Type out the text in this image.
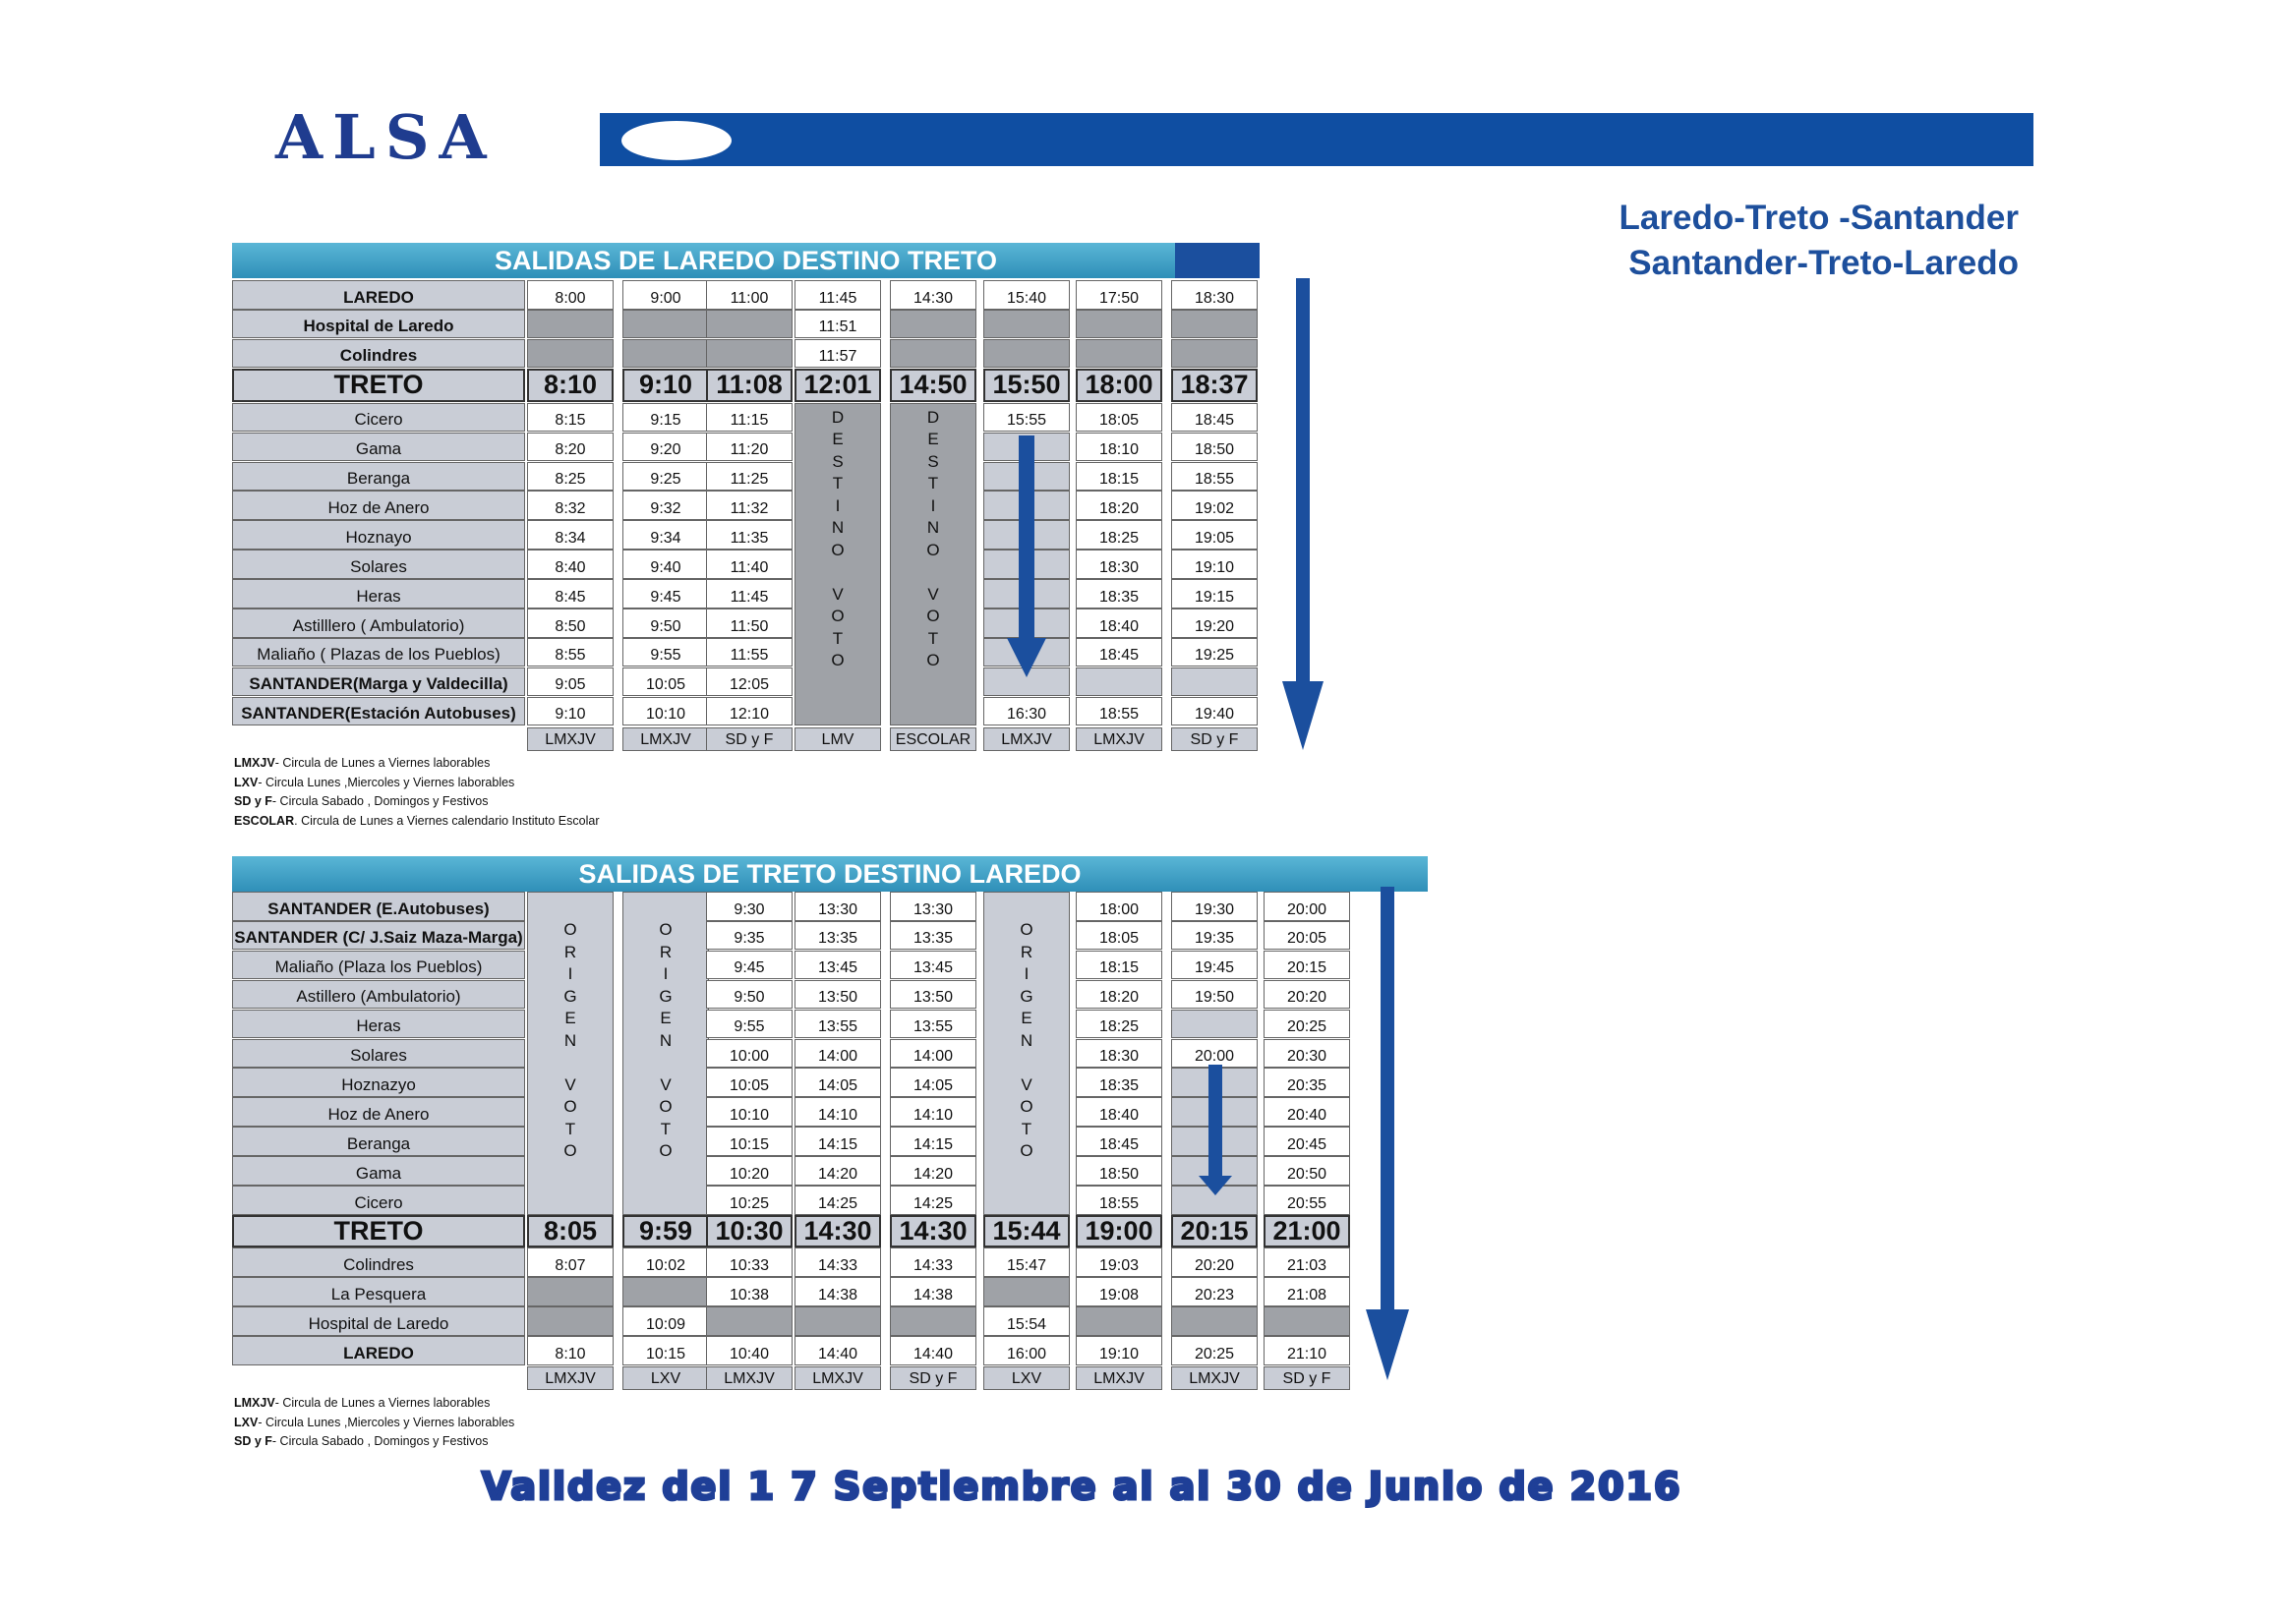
ALSA
Laredo-Treto -Santander
Santander-Treto-Laredo
SALIDAS DE LAREDO DESTINO TRETO
LAREDO
Hospital de Laredo
Colindres
TRETO
Cicero
Gama
Beranga
Hoz de Anero
Hoznayo
Solares
Heras
Astilllero ( Ambulatorio)
Maliaño ( Plazas de los Pueblos)
SANTANDER(Marga y Valdecilla)
SANTANDER(Estación Autobuses)
8:00
8:10
8:15
8:20
8:25
8:32
8:34
8:40
8:45
8:50
8:55
9:05
9:10
LMXJV
9:00
9:10
9:15
9:20
9:25
9:32
9:34
9:40
9:45
9:50
9:55
10:05
10:10
LMXJV
11:00
11:08
11:15
11:20
11:25
11:32
11:35
11:40
11:45
11:50
11:55
12:05
12:10
SD y F
D
E
S
T
I
N
O

V
O
T
O
11:45
11:51
11:57
12:01
LMV
D
E
S
T
I
N
O

V
O
T
O
14:30
14:50
ESCOLAR
15:40
15:50
15:55
16:30
LMXJV
17:50
18:00
18:05
18:10
18:15
18:20
18:25
18:30
18:35
18:40
18:45
18:55
LMXJV
18:30
18:37
18:45
18:50
18:55
19:02
19:05
19:10
19:15
19:20
19:25
19:40
SD y F
SALIDAS DE TRETO DESTINO LAREDO
SANTANDER (E.Autobuses)
SANTANDER (C/ J.Saiz Maza-Marga)
Maliaño (Plaza los Pueblos)
Astillero (Ambulatorio)
Heras
Solares
Hoznazyo
Hoz de Anero
Beranga
Gama
Cicero
TRETO
Colindres
La Pesquera
Hospital de Laredo
LAREDO
O
R
I
G
E
N

V
O
T
O
8:05
8:07
8:10
LMXJV
O
R
I
G
E
N

V
O
T
O
9:59
10:02
10:09
10:15
LXV
9:30
9:35
9:45
9:50
9:55
10:00
10:05
10:10
10:15
10:20
10:25
10:30
10:33
10:38
10:40
LMXJV
13:30
13:35
13:45
13:50
13:55
14:00
14:05
14:10
14:15
14:20
14:25
14:30
14:33
14:38
14:40
LMXJV
13:30
13:35
13:45
13:50
13:55
14:00
14:05
14:10
14:15
14:20
14:25
14:30
14:33
14:38
14:40
SD y F
O
R
I
G
E
N

V
O
T
O
15:44
15:47
15:54
16:00
LXV
18:00
18:05
18:15
18:20
18:25
18:30
18:35
18:40
18:45
18:50
18:55
19:00
19:03
19:08
19:10
LMXJV
19:30
19:35
19:45
19:50
20:00
20:15
20:20
20:23
20:25
LMXJV
20:00
20:05
20:15
20:20
20:25
20:30
20:35
20:40
20:45
20:50
20:55
21:00
21:03
21:08
21:10
SD y F
LMXJV- Circula de Lunes a Viernes laborables
LXV- Circula Lunes ,Miercoles y Viernes laborables
SD y F- Circula Sabado , Domingos y Festivos
ESCOLAR. Circula de Lunes a Viernes calendario Instituto Escolar
LMXJV- Circula de Lunes a Viernes laborables
LXV- Circula Lunes ,Miercoles y Viernes laborables
SD y F- Circula Sabado , Domingos y Festivos
Validez del 1 7 Septiembre al al 30 de Junio de 2016
